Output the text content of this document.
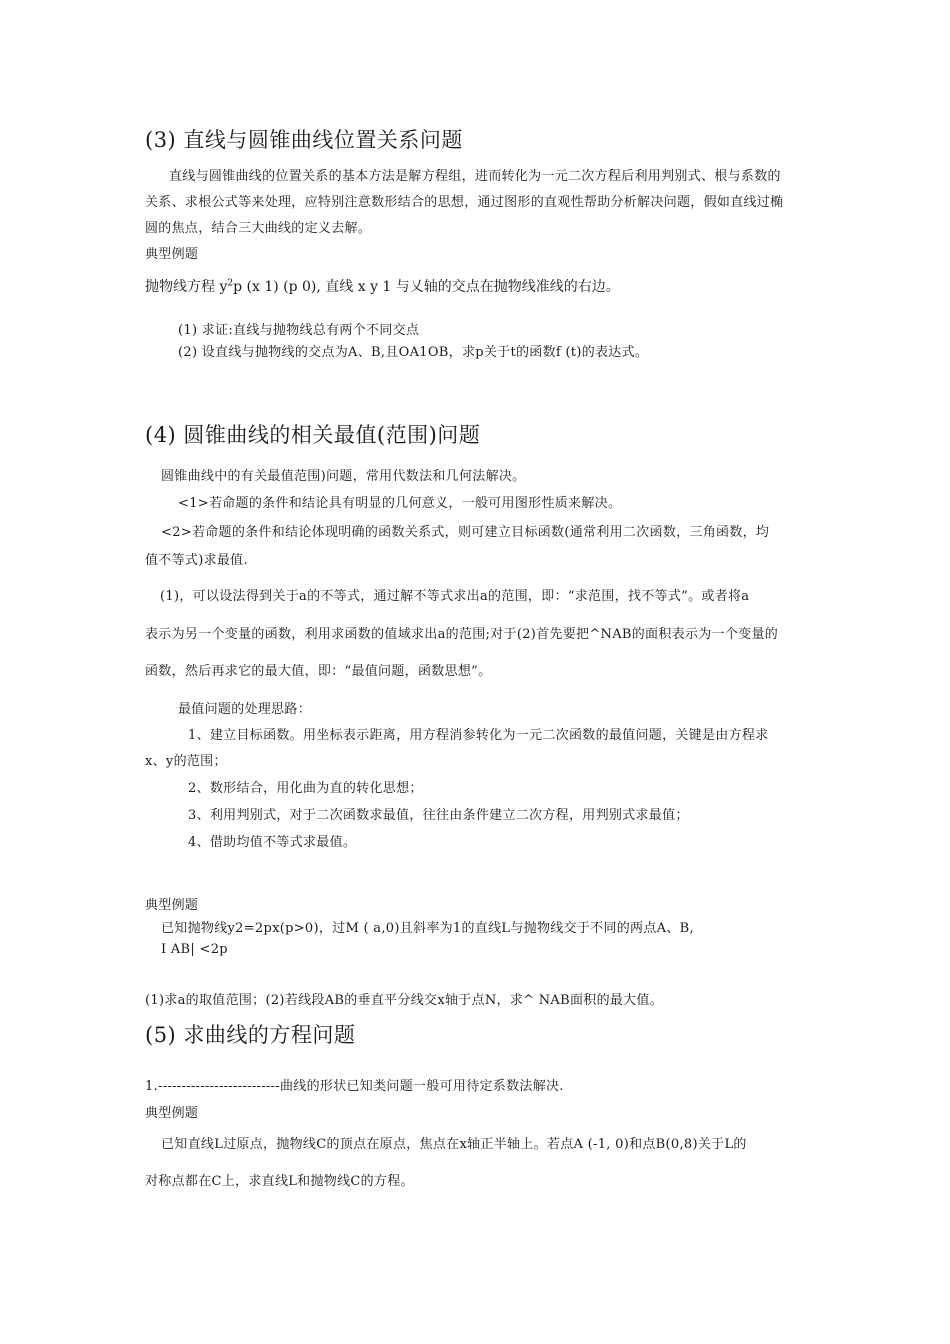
(3) 直线与圆锥曲线位置关系问题
直线与圆锥曲线的位置关系的基本方法是解方程组，进而转化为一元二次方程后利用判别式、根与系数的
关系、求根公式等来处理，应特别注意数形结合的思想，通过图形的直观性帮助分析解决问题，假如直线过椭
圆的焦点，结合三大曲线的定义去解。
典型例题
抛物线方程 $y^2p$ (x 1) (p 0), 直线 x y 1 与乂轴的交点在抛物线准线的右边。
(1) 求证:直线与抛物线总有两个不同交点
(2) 设直线与抛物线的交点为A、B,且OA1OB，求p关于t的函数f (t)的表达式。
(4) 圆锥曲线的相关最值(范围)问题
圆锥曲线中的有关最值范围)问题，常用代数法和几何法解决。
<1>若命题的条件和结论具有明显的几何意义，一般可用图形性质来解决。
<2>若命题的条件和结论体现明确的函数关系式，则可建立目标函数(通常利用二次函数，三角函数，均
值不等式)求最值.
(1)，可以设法得到关于a的不等式，通过解不等式求出a的范围，即：“求范围，找不等式”。或者将a
表示为另一个变量的函数，利用求函数的值域求出a的范围;对于(2)首先要把^NAB的面积表示为一个变量的
函数，然后再求它的最大值，即：“最值问题，函数思想”。
最值问题的处理思路：
1、建立目标函数。用坐标表示距离，用方程消参转化为一元二次函数的最值问题，关键是由方程求
x、y的范围；
2、数形结合，用化曲为直的转化思想；
3、利用判别式，对于二次函数求最值，往往由条件建立二次方程，用判别式求最值；
4、借助均值不等式求最值。
典型例题
已知抛物线y2=2px(p>0)，过M ( a,0)且斜率为1的直线L与抛物线交于不同的两点A、B,
I AB| <2p
(1)求a的取值范围；(2)若线段AB的垂直平分线交x轴于点N，求^ NAB面积的最大值。
(5) 求曲线的方程问题
1.--------------------------曲线的形状已知类问题一般可用待定系数法解决.
典型例题
已知直线L过原点，抛物线C的顶点在原点，焦点在x轴正半轴上。若点A (-1, 0)和点B(0,8)关于L的
对称点都在C上，求直线L和抛物线C的方程。
